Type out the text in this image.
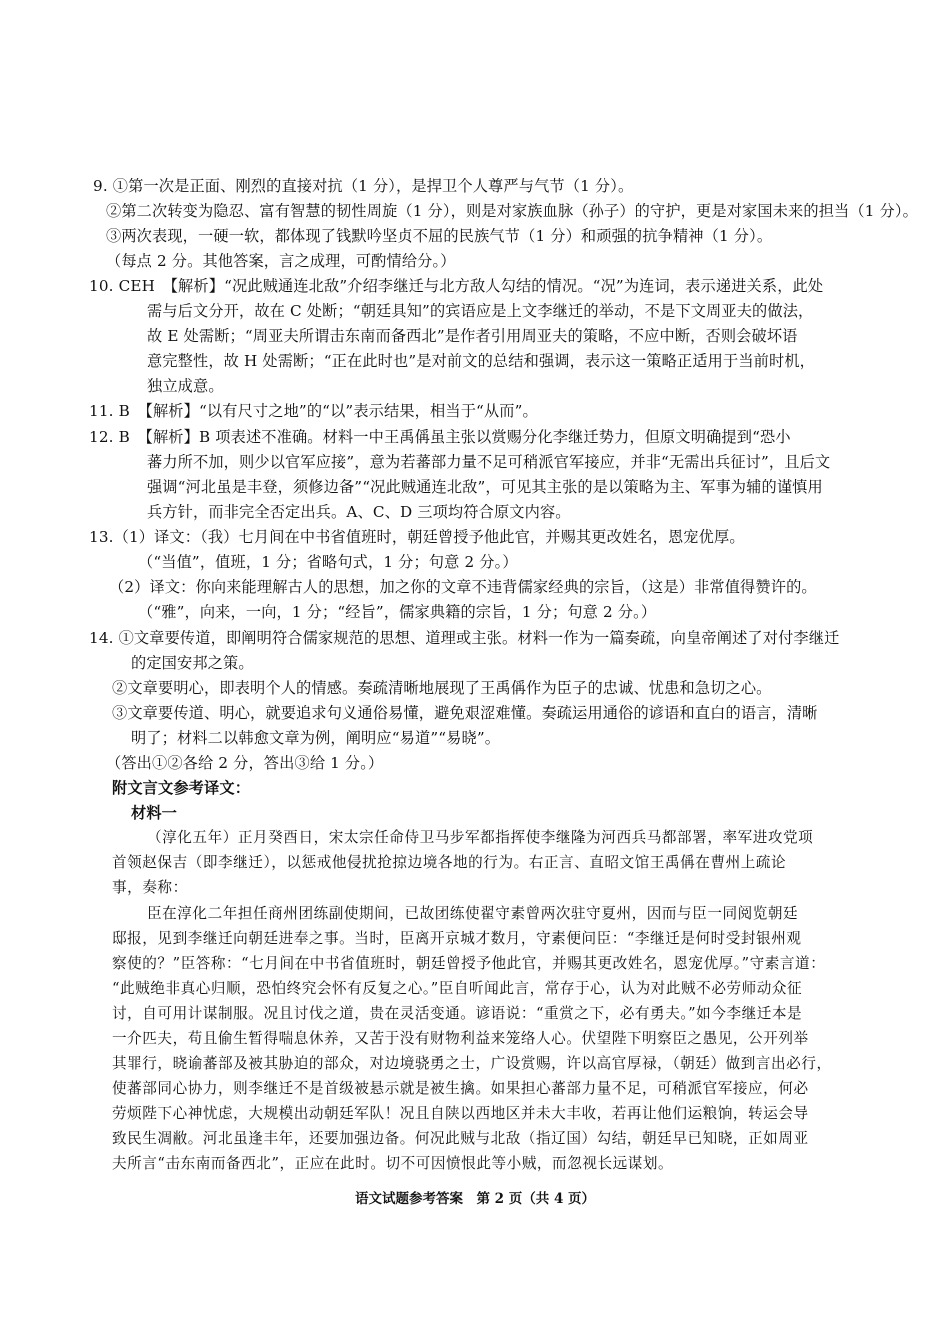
9. ①第一次是正面、刚烈的直接对抗（1 分），是捍卫个人尊严与气节（1 分）。
②第二次转变为隐忍、富有智慧的韧性周旋（1 分），则是对家族血脉（孙子）的守护，更是对家国未来的担当（1 分）。
③两次表现，一硬一软，都体现了钱默吟坚贞不屈的民族气节（1 分）和顽强的抗争精神（1 分）。
（每点 2 分。其他答案，言之成理，可酌情给分。）
10. CEH　【解析】“况此贼通连北敌”介绍李继迁与北方敌人勾结的情况。“况”为连词，表示递进关系，此处
需与后文分开，故在 C 处断；“朝廷具知”的宾语应是上文李继迁的举动，不是下文周亚夫的做法，
故 E 处需断；“周亚夫所谓击东南而备西北”是作者引用周亚夫的策略，不应中断，否则会破坏语
意完整性，故 H 处需断；“正在此时也”是对前文的总结和强调，表示这一策略正适用于当前时机，
独立成意。
11. B　【解析】“以有尺寸之地”的“以”表示结果，相当于“从而”。
12. B　【解析】B 项表述不准确。材料一中王禹偁虽主张以赏赐分化李继迁势力，但原文明确提到“恐小
蕃力所不加，则少以官军应接”，意为若蕃部力量不足可稍派官军接应，并非“无需出兵征讨”，且后文
强调“河北虽是丰登，须修边备”“况此贼通连北敌”，可见其主张的是以策略为主、军事为辅的谨慎用
兵方针，而非完全否定出兵。A、C、D 三项均符合原文内容。
13.（1）译文：（我）七月间在中书省值班时，朝廷曾授予他此官，并赐其更改姓名，恩宠优厚。
（“当值”，值班，1 分；省略句式，1 分；句意 2 分。）
（2）译文：你向来能理解古人的思想，加之你的文章不违背儒家经典的宗旨，（这是）非常值得赞许的。
（“雅”，向来，一向，1 分；“经旨”，儒家典籍的宗旨，1 分；句意 2 分。）
14. ①文章要传道，即阐明符合儒家规范的思想、道理或主张。材料一作为一篇奏疏，向皇帝阐述了对付李继迁
的定国安邦之策。
②文章要明心，即表明个人的情感。奏疏清晰地展现了王禹偁作为臣子的忠诚、忧患和急切之心。
③文章要传道、明心，就要追求句义通俗易懂，避免艰涩难懂。奏疏运用通俗的谚语和直白的语言，清晰
明了；材料二以韩愈文章为例，阐明应“易道”“易晓”。
（答出①②各给 2 分，答出③给 1 分。）
附文言文参考译文：
材料一
（淳化五年）正月癸酉日，宋太宗任命侍卫马步军都指挥使李继隆为河西兵马都部署，率军进攻党项
首领赵保吉（即李继迁），以惩戒他侵扰抢掠边境各地的行为。右正言、直昭文馆王禹偁在曹州上疏论
事，奏称：
臣在淳化二年担任商州团练副使期间，已故团练使翟守素曾两次驻守夏州，因而与臣一同阅览朝廷
邸报，见到李继迁向朝廷进奉之事。当时，臣离开京城才数月，守素便问臣：“李继迁是何时受封银州观
察使的？”臣答称：“七月间在中书省值班时，朝廷曾授予他此官，并赐其更改姓名，恩宠优厚。”守素言道：
“此贼绝非真心归顺，恐怕终究会怀有反复之心。”臣自听闻此言，常存于心，认为对此贼不必劳师动众征
讨，自可用计谋制服。况且讨伐之道，贵在灵活变通。谚语说：“重赏之下，必有勇夫。”如今李继迁本是
一介匹夫，苟且偷生暂得喘息休养，又苦于没有财物利益来笼络人心。伏望陛下明察臣之愚见，公开列举
其罪行，晓谕蕃部及被其胁迫的部众，对边境骁勇之士，广设赏赐，许以高官厚禄，（朝廷）做到言出必行，
使蕃部同心协力，则李继迁不是首级被悬示就是被生擒。如果担心蕃部力量不足，可稍派官军接应，何必
劳烦陛下心神忧虑，大规模出动朝廷军队！况且自陕以西地区并未大丰收，若再让他们运粮饷，转运会导
致民生凋敝。河北虽逢丰年，还要加强边备。何况此贼与北敌（指辽国）勾结，朝廷早已知晓，正如周亚
夫所言“击东南而备西北”，正应在此时。切不可因愤恨此等小贼，而忽视长远谋划。
语文试题参考答案　第 2 页（共 4 页）
